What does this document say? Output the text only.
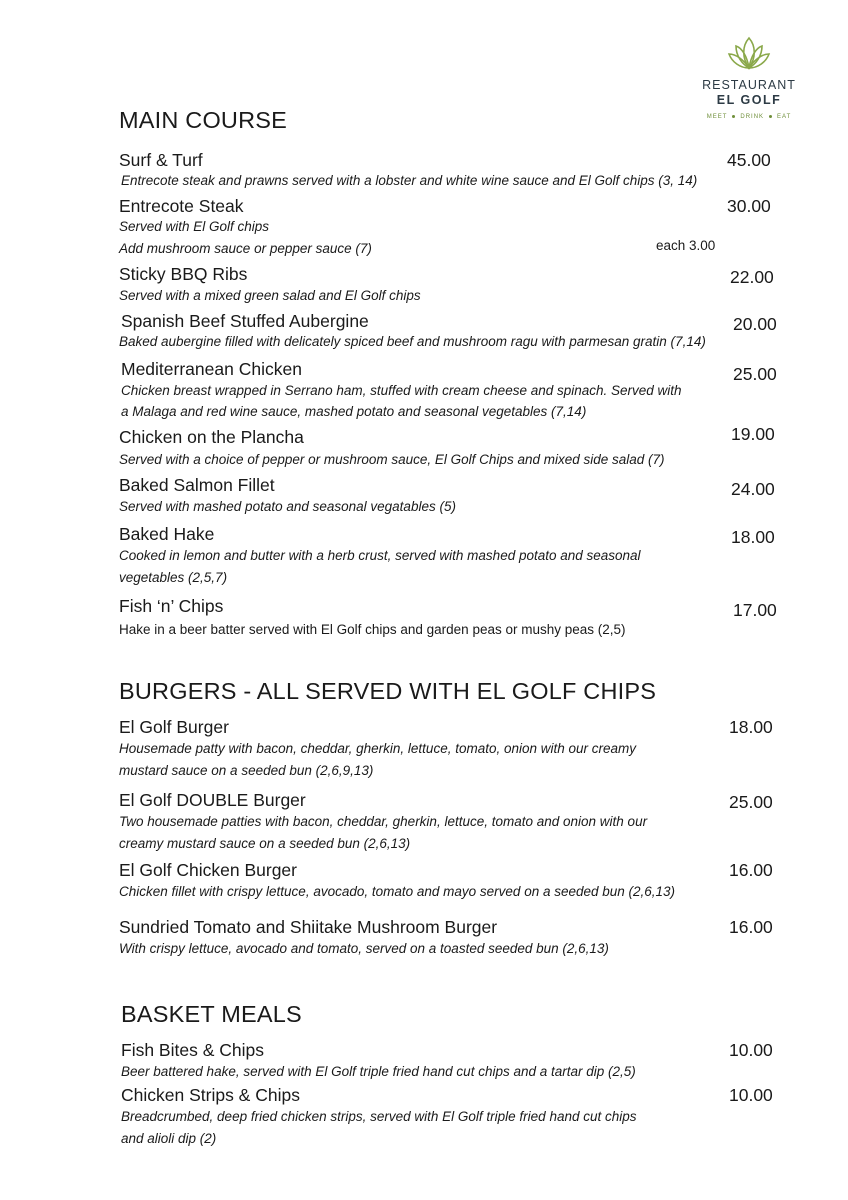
RESTAURANT
EL GOLF
MEET DRINK EAT
MAIN COURSE
Surf & Turf	45.00
Entrecote steak and prawns served with a lobster and white wine sauce and El Golf chips (3, 14)
Entrecote Steak	30.00
Served with El Golf chips
Add mushroom sauce or pepper sauce (7)	each 3.00
Sticky BBQ Ribs	22.00
Served with a mixed green salad and El Golf chips
Spanish Beef Stuffed Aubergine	20.00
Baked aubergine filled with delicately spiced beef and mushroom ragu with parmesan gratin (7,14)
Mediterranean Chicken	25.00
Chicken breast wrapped in Serrano ham, stuffed with cream cheese and spinach. Served with
a Malaga and red wine sauce, mashed potato and seasonal vegetables (7,14)
Chicken on the Plancha	19.00
Served with a choice of pepper or mushroom sauce, El Golf Chips and mixed side salad (7)
Baked Salmon Fillet	24.00
Served with mashed potato and seasonal vegatables (5)
Baked Hake	18.00
Cooked in lemon and butter with a herb crust, served with mashed potato and seasonal
vegetables (2,5,7)
Fish ‘n’ Chips	17.00
Hake in a beer batter served with El Golf chips and garden peas or mushy peas (2,5)
BURGERS - ALL SERVED WITH EL GOLF CHIPS
El Golf Burger	18.00
Housemade patty with bacon, cheddar, gherkin, lettuce, tomato, onion with our creamy
mustard sauce on a seeded bun (2,6,9,13)
El Golf DOUBLE Burger	25.00
Two housemade patties with bacon, cheddar, gherkin, lettuce, tomato and onion with our
creamy mustard sauce on a seeded bun (2,6,13)
El Golf Chicken Burger	16.00
Chicken fillet with crispy lettuce, avocado, tomato and mayo served on a seeded bun (2,6,13)
Sundried Tomato and Shiitake Mushroom Burger	16.00
With crispy lettuce, avocado and tomato, served on a toasted seeded bun (2,6,13)
BASKET MEALS
Fish Bites & Chips	10.00
Beer battered hake, served with El Golf triple fried hand cut chips and a tartar dip (2,5)
Chicken Strips & Chips	10.00
Breadcrumbed, deep fried chicken strips, served with El Golf triple fried hand cut chips
and alioli dip (2)
